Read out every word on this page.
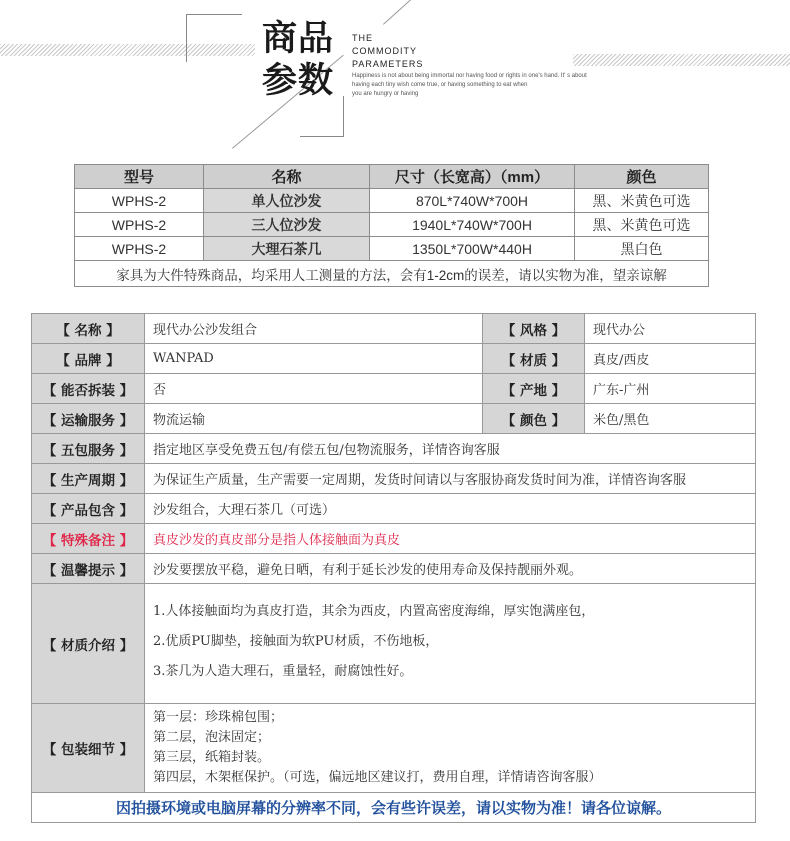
商品
参数
THE
COMMODITY
PARAMETERS
Happiness is not about being immortal nor having food or rights in one's hand. It' s about
having each tiny wish come true, or having something to eat when
you are hungry or having
型号	名称	尺寸（长宽高）（mm）	颜色
WPHS-2	单人位沙发	870L*740W*700H	黑、米黄色可选
WPHS-2	三人位沙发	1940L*740W*700H	黑、米黄色可选
WPHS-2	大理石茶几	1350L*700W*440H	黑白色
家具为大件特殊商品，均采用人工测量的方法，会有1-2cm的误差，请以实物为准，望亲谅解			
【 名称 】	现代办公沙发组合	【 风格 】	现代办公
【 品牌 】	WANPAD	【 材质 】	真皮/西皮
【 能否拆装 】	否	【 产地 】	广东-广州
【 运输服务 】	物流运输	【 颜色 】	米色/黑色
【 五包服务 】	指定地区享受免费五包/有偿五包/包物流服务，详情咨询客服		
【 生产周期 】	为保证生产质量，生产需要一定周期，发货时间请以与客服协商发货时间为准，详情咨询客服		
【 产品包含 】	沙发组合，大理石茶几（可选）		
【 特殊备注 】	真皮沙发的真皮部分是指人体接触面为真皮		
【 温馨提示 】	沙发要摆放平稳，避免日晒，有利于延长沙发的使用寿命及保持靓丽外观。		
【 材质介绍 】	1.人体接触面均为真皮打造，其余为西皮，内置高密度海绵，厚实饱满座包，

2.优质PU脚垫，接触面为软PU材质，不伤地板，

3.茶几为人造大理石，重量轻，耐腐蚀性好。		

【 包装细节 】	第一层：珍珠棉包围；

第二层，泡沫固定；

第三层，纸箱封装。

第四层，木架框保护。（可选，偏远地区建议打，费用自理，详情请咨询客服）		

因拍摄环境或电脑屏幕的分辨率不同，会有些许误差，请以实物为准！请各位谅解。			
